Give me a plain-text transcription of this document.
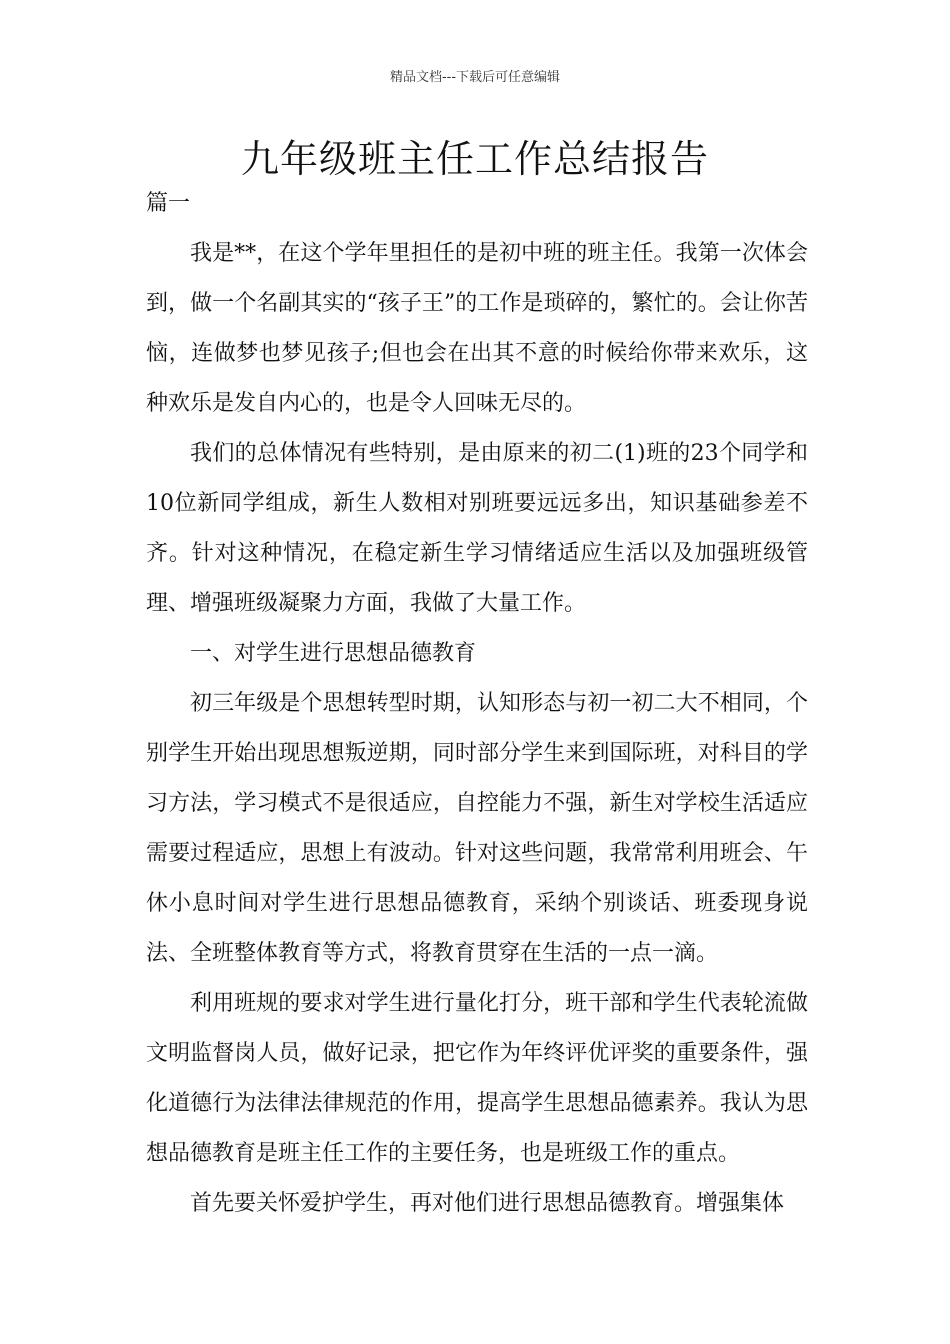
精品文档---下载后可任意编辑
九年级班主任工作总结报告
篇一

我是**，在这个学年里担任的是初中班的班主任。我第一次体会到，做一个名副其实的“孩子王”的工作是琐碎的，繁忙的。会让你苦恼，连做梦也梦见孩子;但也会在出其不意的时候给你带来欢乐，这种欢乐是发自内心的，也是令人回味无尽的。

我们的总体情况有些特别，是由原来的初二(1)班的23个同学和10位新同学组成，新生人数相对别班要远远多出，知识基础参差不齐。针对这种情况，在稳定新生学习情绪适应生活以及加强班级管理、增强班级凝聚力方面，我做了大量工作。

一、对学生进行思想品德教育

初三年级是个思想转型时期，认知形态与初一初二大不相同，个别学生开始出现思想叛逆期，同时部分学生来到国际班，对科目的学习方法，学习模式不是很适应，自控能力不强，新生对学校生活适应需要过程适应，思想上有波动。针对这些问题，我常常利用班会、午休小息时间对学生进行思想品德教育，采纳个别谈话、班委现身说法、全班整体教育等方式，将教育贯穿在生活的一点一滴。

利用班规的要求对学生进行量化打分，班干部和学生代表轮流做文明监督岗人员，做好记录，把它作为年终评优评奖的重要条件，强化道德行为法律法律规范的作用，提高学生思想品德素养。我认为思想品德教育是班主任工作的主要任务，也是班级工作的重点。

首先要关怀爱护学生，再对他们进行思想品德教育。增强集体
